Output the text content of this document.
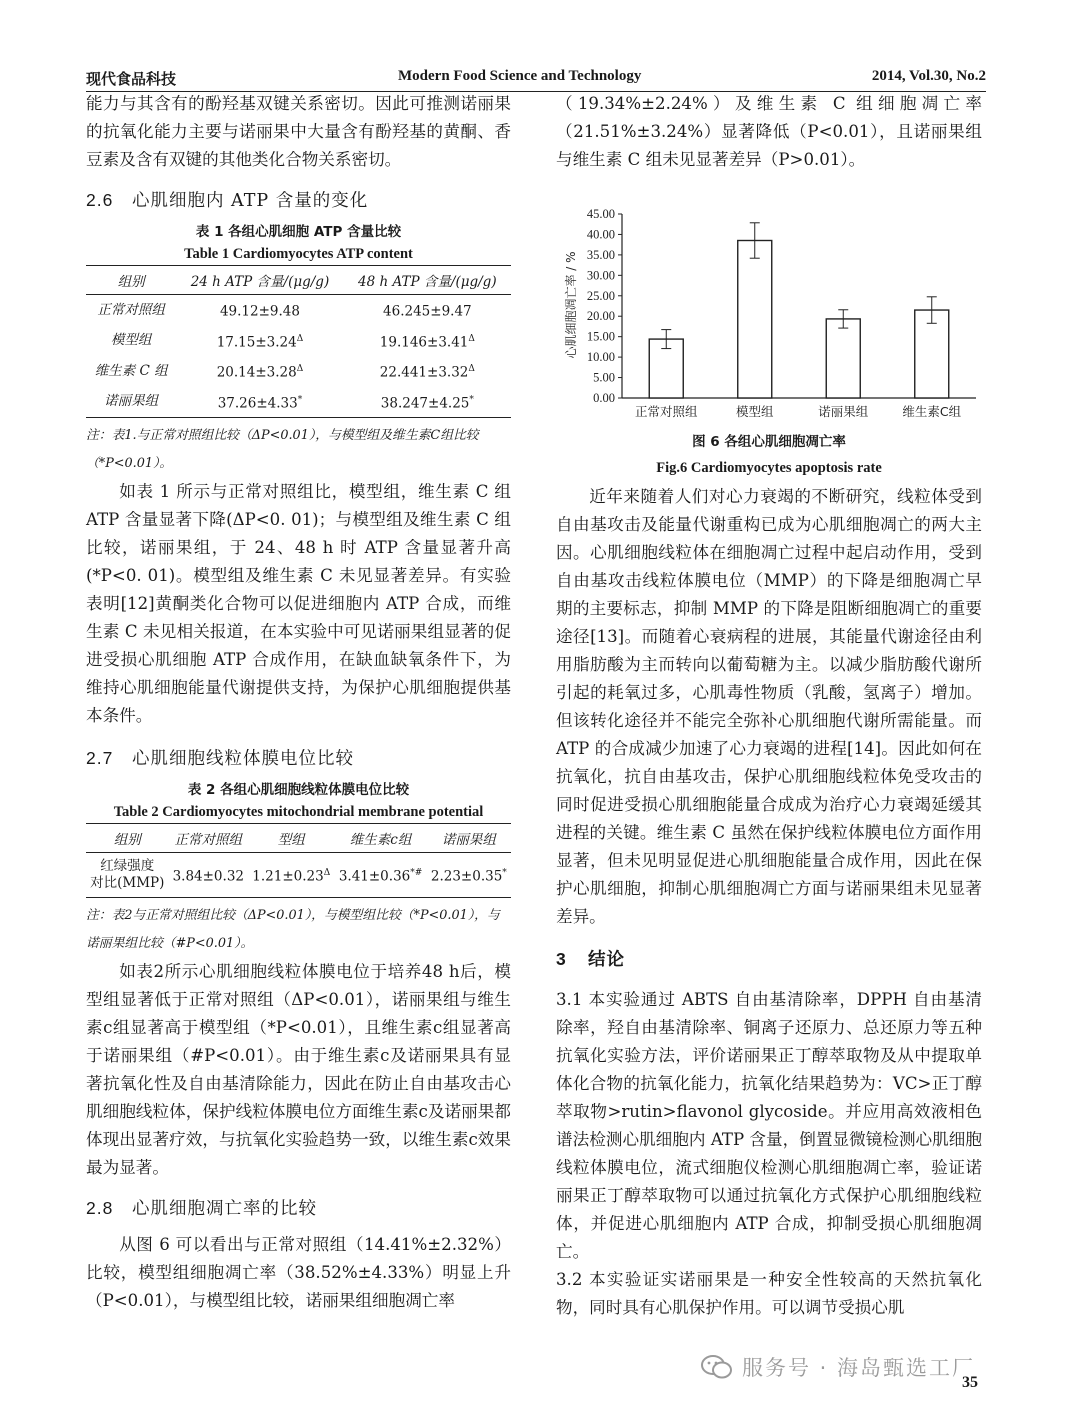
现代食品科技	Modern Food Science and Technology	2014, Vol.30, No.2

能力与其含有的酚羟基双键关系密切。因此可推测诺丽果的抗氧化能力主要与诺丽果中大量含有酚羟基的黄酮、香豆素及含有双键的其他类化合物关系密切。

2.6 心肌细胞内 ATP 含量的变化
表 1 各组心肌细胞 ATP 含量比较
Table 1 Cardiomyocytes ATP content
组别	24 h ATP 含量/(μg/g)	48 h ATP 含量/(μg/g)
正常对照组	49.12±9.48	46.245±9.47
模型组	$17.15\pm 3.24^\Delta$	$19.146\pm 3.41^\Delta$
维生素 C 组	$20.14\pm 3.28^\Delta$	$22.441\pm 3.32^\Delta$
诺丽果组	37.26±4.33*	38.247±4.25*

注：表1.与正常对照组比较（ΔP<0.01），与模型组及维生素C组比较（*P<0.01）。

如表 1 所示与正常对照组比，模型组，维生素 C 组 ATP 含量显著下降(ΔP<0. 01)；与模型组及维生素 C 组比较，诺丽果组，于 24、48 h 时 ATP 含量显著升高(*P<0. 01)。模型组及维生素 C 未见显著差异。有实验表明[12]黄酮类化合物可以促进细胞内 ATP 合成，而维生素 C 未见相关报道，在本实验中可见诺丽果组显著的促进受损心肌细胞 ATP 合成作用，在缺血缺氧条件下，为维持心肌细胞能量代谢提供支持，为保护心肌细胞提供基本条件。

2.7 心肌细胞线粒体膜电位比较
表 2 各组心肌细胞线粒体膜电位比较
Table 2 Cardiomyocytes mitochondrial membrane potential
组别	正常对照组	型组	维生素c组	诺丽果组

红绿强度
对比(MMP)	3.84±0.32	$1.21\pm 0.23^\Delta$	3.41±0.36*#	2.23±0.35*

注：表2与正常对照组比较（ΔP<0.01），与模型组比较（*P<0.01），与诺丽果组比较（#P<0.01）。

如表2所示心肌细胞线粒体膜电位于培养48 h后，模型组显著低于正常对照组（ΔP<0.01），诺丽果组与维生素c组显著高于模型组（*P<0.01），且维生素c组显著高于诺丽果组（#P<0.01）。由于维生素c及诺丽果具有显著抗氧化性及自由基清除能力，因此在防止自由基攻击心肌细胞线粒体，保护线粒体膜电位方面维生素c及诺丽果都体现出显著疗效，与抗氧化实验趋势一致，以维生素c效果最为显著。

2.8 心肌细胞凋亡率的比较

从图 6 可以看出与正常对照组（14.41%±2.32%）比较，模型组细胞凋亡率（38.52%±4.33%）明显上升（P<0.01），与模型组比较，诺丽果组细胞凋亡率

（19.34%±2.24%）及维生素 C 组细胞凋亡率（21.51%±3.24%）显著降低（P<0.01），且诺丽果组与维生素 C 组未见显著差异（P>0.01）。

0.00
5.00
10.00
15.00
20.00
25.00
30.00
35.00
40.00
45.00
正常对照组	模型组	诺丽果组	维生素C组
心肌细胞凋亡率 / %
图 6 各组心肌细胞凋亡率
Fig.6 Cardiomyocytes apoptosis rate

近年来随着人们对心力衰竭的不断研究，线粒体受到自由基攻击及能量代谢重构已成为心肌细胞凋亡的两大主因。心肌细胞线粒体在细胞凋亡过程中起启动作用，受到自由基攻击线粒体膜电位（MMP）的下降是细胞凋亡早期的主要标志，抑制 MMP 的下降是阻断细胞凋亡的重要途径[13]。而随着心衰病程的进展，其能量代谢途径由利用脂肪酸为主而转向以葡萄糖为主。以减少脂肪酸代谢所引起的耗氧过多，心肌毒性物质（乳酸，氢离子）增加。但该转化途径并不能完全弥补心肌细胞代谢所需能量。而 ATP 的合成减少加速了心力衰竭的进程[14]。因此如何在抗氧化，抗自由基攻击，保护心肌细胞线粒体免受攻击的同时促进受损心肌细胞能量合成成为治疗心力衰竭延缓其进程的关键。维生素 C 虽然在保护线粒体膜电位方面作用显著，但未见明显促进心肌细胞能量合成作用，因此在保护心肌细胞，抑制心肌细胞凋亡方面与诺丽果组未见显著差异。

3 结论

3.1 本实验通过 ABTS 自由基清除率，DPPH 自由基清除率，羟自由基清除率、铜离子还原力、总还原力等五种抗氧化实验方法，评价诺丽果正丁醇萃取物及从中提取单体化合物的抗氧化能力，抗氧化结果趋势为：VC>正丁醇萃取物>rutin>flavonol glycoside。并应用高效液相色谱法检测心肌细胞内 ATP 含量，倒置显微镜检测心肌细胞线粒体膜电位，流式细胞仪检测心肌细胞凋亡率，验证诺丽果正丁醇萃取物可以通过抗氧化方式保护心肌细胞线粒体，并促进心肌细胞内 ATP 合成，抑制受损心肌细胞凋亡。

3.2 本实验证实诺丽果是一种安全性较高的天然抗氧化物，同时具有心肌保护作用。可以调节受损心肌

服务号 · 海岛甄选工厂
35
